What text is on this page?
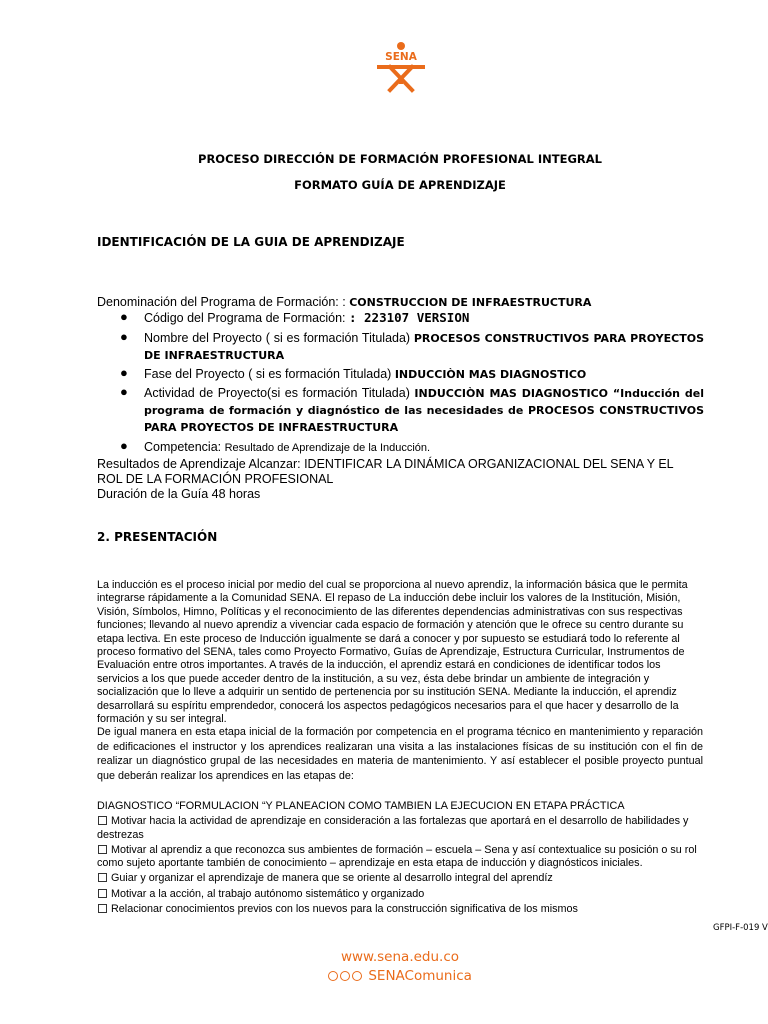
SENA
PROCESO DIRECCIÓN DE FORMACIÓN PROFESIONAL INTEGRAL
FORMATO GUÍA DE APRENDIZAJE
IDENTIFICACIÓN DE LA GUIA DE APRENDIZAJE
Denominación del Programa de Formación: : CONSTRUCCION DE INFRAESTRUCTURA
● Código del Programa de Formación: : 223107 VERSION
● Nombre del Proyecto ( si es formación Titulada) PROCESOS CONSTRUCTIVOS PARA PROYECTOS DE INFRAESTRUCTURA
● Fase del Proyecto ( si es formación Titulada) INDUCCIÒN MAS DIAGNOSTICO
● Actividad de Proyecto(si es formación Titulada) INDUCCIÒN MAS DIAGNOSTICO “Inducción del programa de formación y diagnóstico de las necesidades de PROCESOS CONSTRUCTIVOS PARA PROYECTOS DE INFRAESTRUCTURA
● Competencia: Resultado de Aprendizaje de la Inducción.
Resultados de Aprendizaje Alcanzar: IDENTIFICAR LA DINÁMICA ORGANIZACIONAL DEL SENA Y EL ROL DE LA FORMACIÓN PROFESIONAL
Duración de la Guía 48 horas
2. PRESENTACIÓN
La inducción es el proceso inicial por medio del cual se proporciona al nuevo aprendiz, la información básica que le permita integrarse rápidamente a la Comunidad SENA. El repaso de La inducción debe incluir los valores de la Institución, Misión, Visión, Símbolos, Himno, Políticas y el reconocimiento de las diferentes dependencias administrativas con sus respectivas funciones; llevando al nuevo aprendiz a vivenciar cada espacio de formación y atención que le ofrece su centro durante su etapa lectiva. En este proceso de Inducción igualmente se dará a conocer y por supuesto se estudiará todo lo referente al proceso formativo del SENA, tales como Proyecto Formativo, Guías de Aprendizaje, Estructura Curricular, Instrumentos de Evaluación entre otros importantes. A través de la inducción, el aprendiz estará en condiciones de identificar todos los servicios a los que puede acceder dentro de la institución, a su vez, ésta debe brindar un ambiente de integración y socialización que lo lleve a adquirir un sentido de pertenencia por su institución SENA. Mediante la inducción, el aprendiz desarrollará su espíritu emprendedor, conocerá los aspectos pedagógicos necesarios para el que hacer y desarrollo de la formación y su ser integral.
De igual manera en esta etapa inicial de la formación por competencia en el programa técnico en mantenimiento y reparación de edificaciones el instructor y los aprendices realizaran una visita a las instalaciones físicas de su institución con el fin de realizar un diagnóstico grupal de las necesidades en materia de mantenimiento. Y así establecer el posible proyecto puntual que deberán realizar los aprendices en las etapas de:
DIAGNOSTICO “FORMULACION “Y PLANEACION COMO TAMBIEN LA EJECUCION EN ETAPA PRÁCTICA
Motivar hacia la actividad de aprendizaje en consideración a las fortalezas que aportará en el desarrollo de habilidades y destrezas
Motivar al aprendiz a que reconozca sus ambientes de formación – escuela – Sena y así contextualice su posición o su rol como sujeto aportante también de conocimiento – aprendizaje en esta etapa de inducción y diagnósticos iniciales.
Guiar y organizar el aprendizaje de manera que se oriente al desarrollo integral del aprendíz
Motivar a la acción, al trabajo autónomo sistemático y organizado
Relacionar conocimientos previos con los nuevos para la construcción significativa de los mismos
GFPI-F-019 V
www.sena.edu.co
SENAComunica
